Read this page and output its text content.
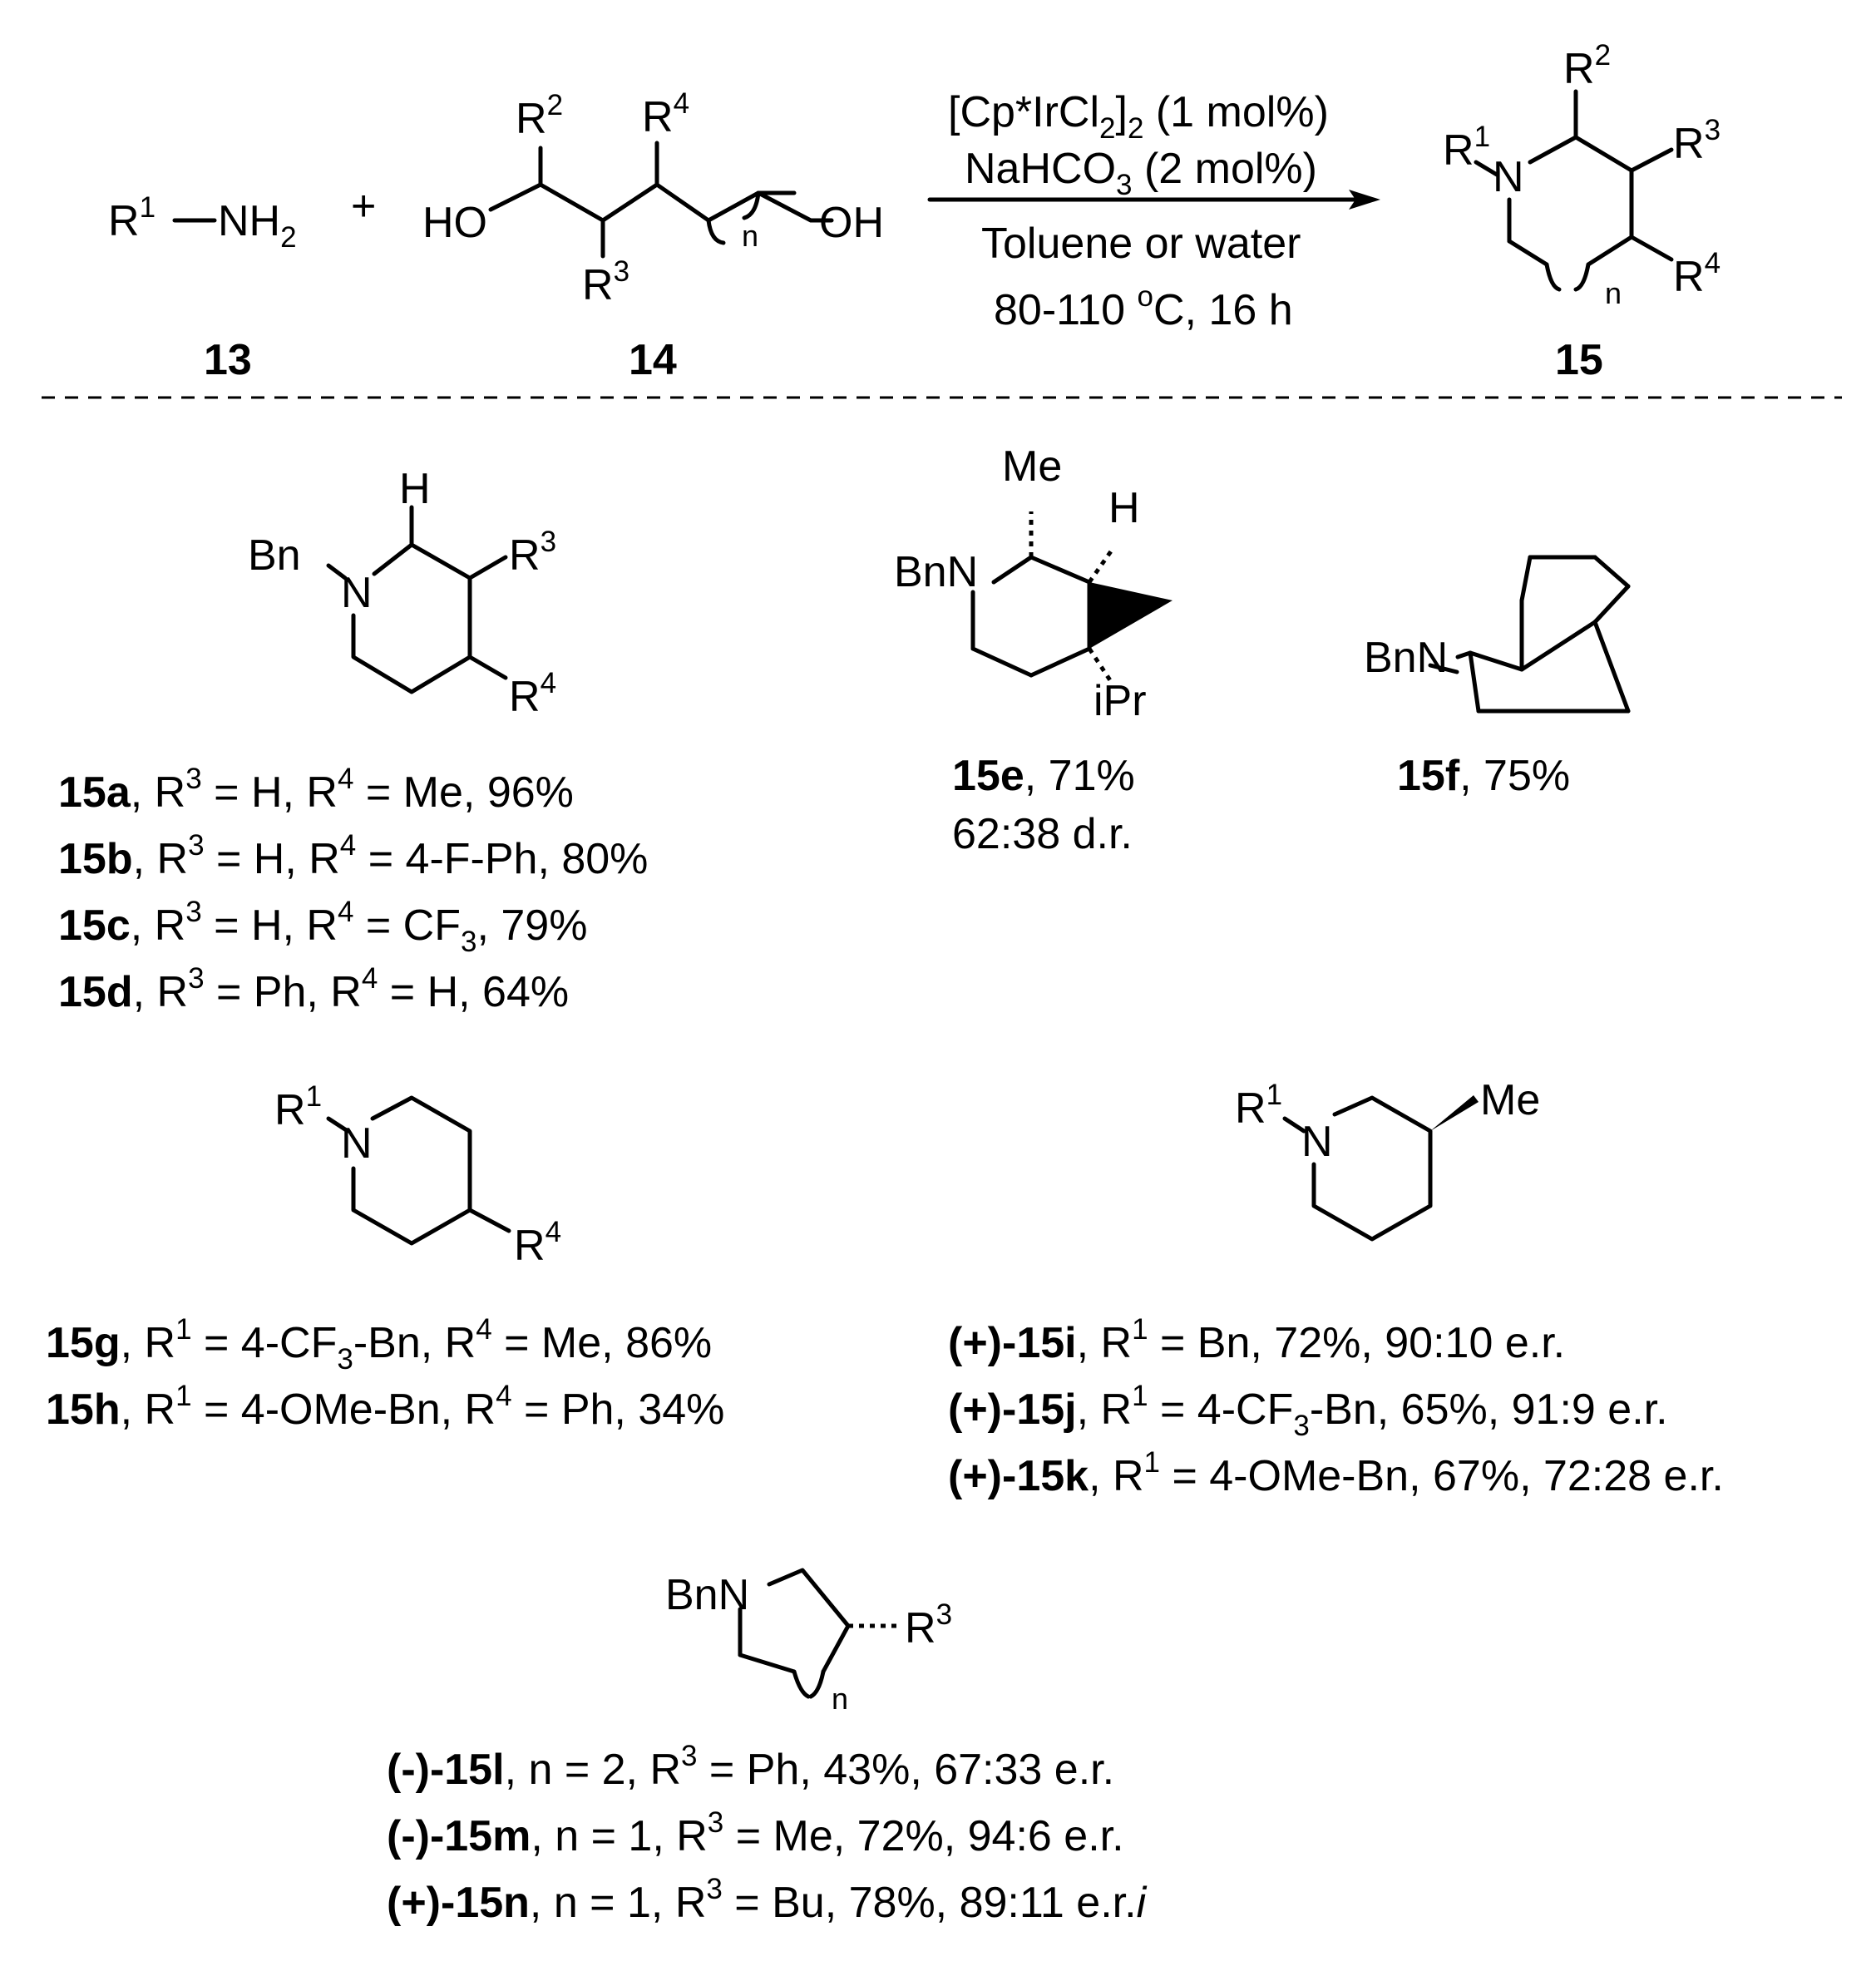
$R^1$ $NH_2$
+
$R^2$ $R^4$
$R^3$
HO	OH
n
$[Cp*IrCl_2]_2$ (1 mol%)
NaHCO$_3$ (2 mol%)
Toluene or water
80-110 $^o$C, 16 h
N
$R^1$
$R^2$
$R^3$
$R^4$
n
13	14	15
N
Bn
H
$R^3$
$R^4$
15a, $R^3 = H$, $R^4 = Me$, 96%
15b, $R^3 = H$, $R^4 = 4-F-Ph$, 80%
15c, $R^3 = H$, $R^4 = CF_3$, 79%
15d, $R^3 = Ph$, $R^4 = H$, 64%
Me
H
BnN
iPr
15e, 71%
62:38 d.r.
BnN
15f, 75%
N
$R^1$
$R^4$
15g, $R^1 = 4-CF_3-Bn$, $R^4 = Me$, 86%
15h, $R^1 = 4-OMe-Bn$, $R^4 = Ph$, 34%
N
$R^1$	Me
(+)-15i, $R^1 = Bn$, 72%, 90:10 e.r.
(+)-15j, $R^1 = 4-CF_3-Bn$, 65%, 91:9 e.r.
(+)-15k, $R^1 = 4-OMe-Bn$, 67%, 72:28 e.r.
BnN
$R^3$
n
(-)-15l, n = 2, $R^3 = Ph$, 43%, 67:33 e.r.
(-)-15m, n = 1, $R^3 = Me$, 72%, 94:6 e.r.
(+)-15n, n = 1, $R^3 = Bu$, 78%, 89:11 e.r.i
